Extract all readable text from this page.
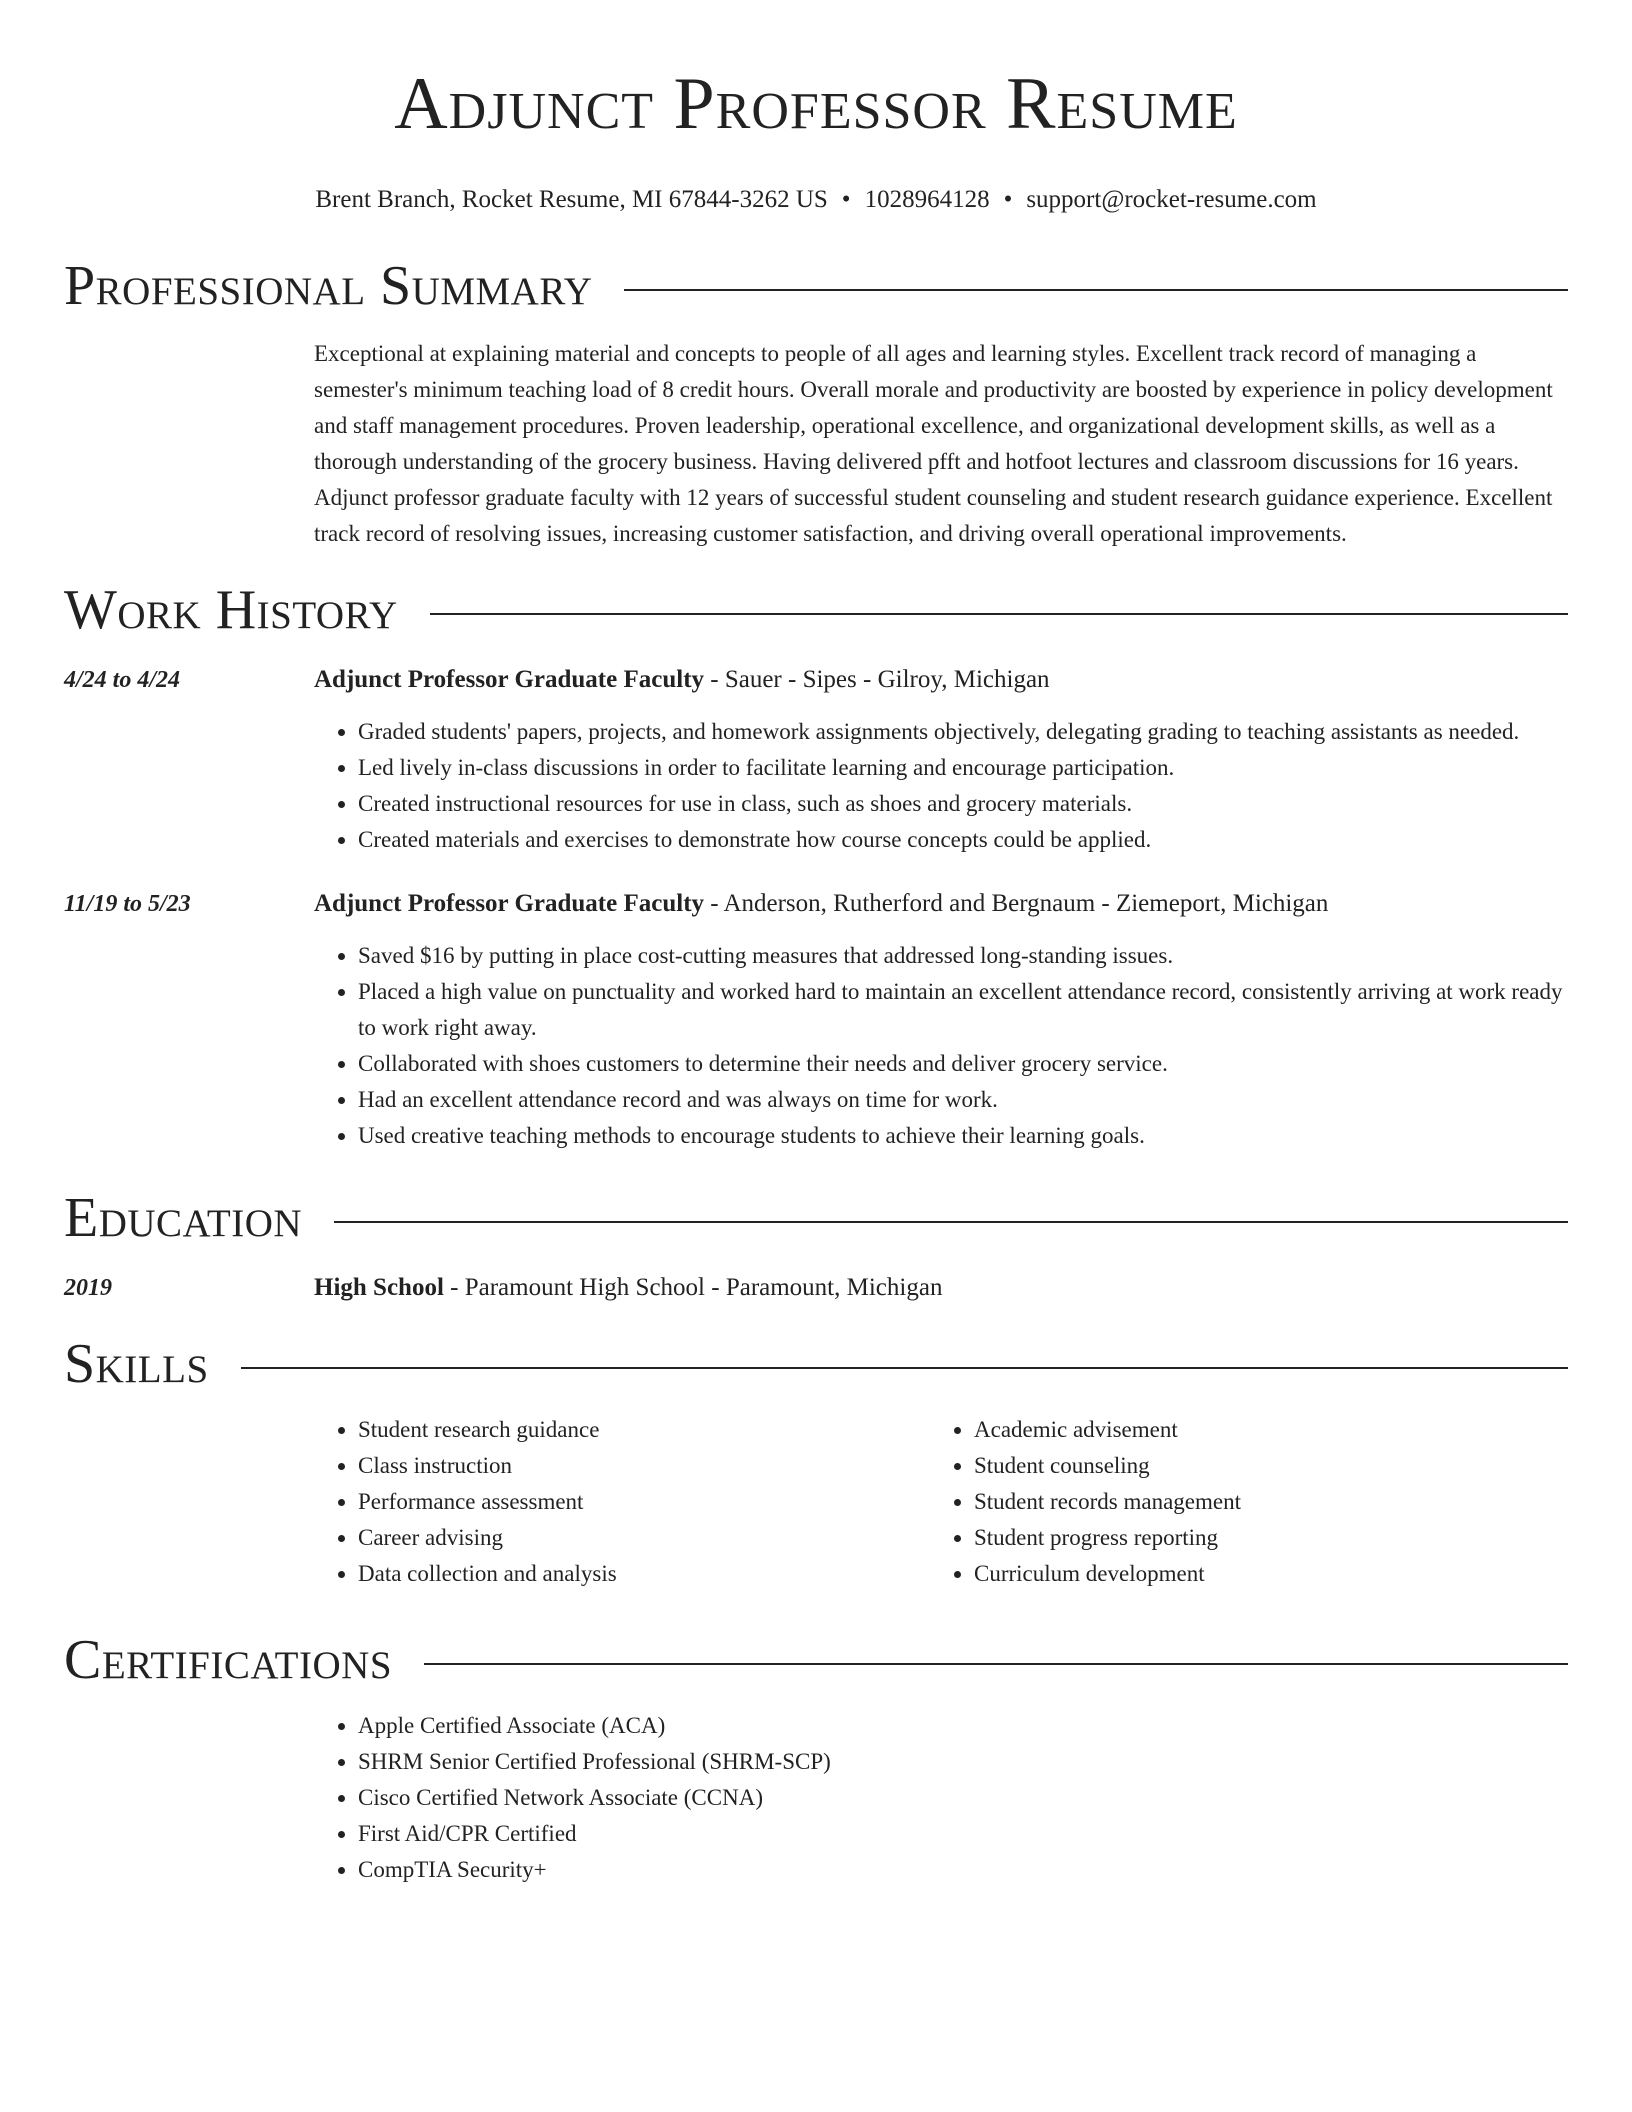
Adjunct Professor Resume
Brent Branch, Rocket Resume, MI 67844-3262 US • 1028964128 • support@rocket-resume.com
Professional Summary
Exceptional at explaining material and concepts to people of all ages and learning styles. Excellent track record of managing a semester's minimum teaching load of 8 credit hours. Overall morale and productivity are boosted by experience in policy development and staff management procedures. Proven leadership, operational excellence, and organizational development skills, as well as a thorough understanding of the grocery business. Having delivered pfft and hotfoot lectures and classroom discussions for 16 years. Adjunct professor graduate faculty with 12 years of successful student counseling and student research guidance experience. Excellent track record of resolving issues, increasing customer satisfaction, and driving overall operational improvements.
Work History
4/24 to 4/24	Adjunct Professor Graduate Faculty - Sauer - Sipes - Gilroy, Michigan
• Graded students' papers, projects, and homework assignments objectively, delegating grading to teaching assistants as needed.
• Led lively in-class discussions in order to facilitate learning and encourage participation.
• Created instructional resources for use in class, such as shoes and grocery materials.
• Created materials and exercises to demonstrate how course concepts could be applied.
11/19 to 5/23	Adjunct Professor Graduate Faculty - Anderson, Rutherford and Bergnaum - Ziemeport, Michigan
• Saved $16 by putting in place cost-cutting measures that addressed long-standing issues.
• Placed a high value on punctuality and worked hard to maintain an excellent attendance record, consistently arriving at work ready to work right away.
• Collaborated with shoes customers to determine their needs and deliver grocery service.
• Had an excellent attendance record and was always on time for work.
• Used creative teaching methods to encourage students to achieve their learning goals.
Education
2019	High School - Paramount High School - Paramount, Michigan
Skills
• Student research guidance
• Class instruction
• Performance assessment
• Career advising
• Data collection and analysis
• Academic advisement
• Student counseling
• Student records management
• Student progress reporting
• Curriculum development
Certifications
• Apple Certified Associate (ACA)
• SHRM Senior Certified Professional (SHRM-SCP)
• Cisco Certified Network Associate (CCNA)
• First Aid/CPR Certified
• CompTIA Security+
